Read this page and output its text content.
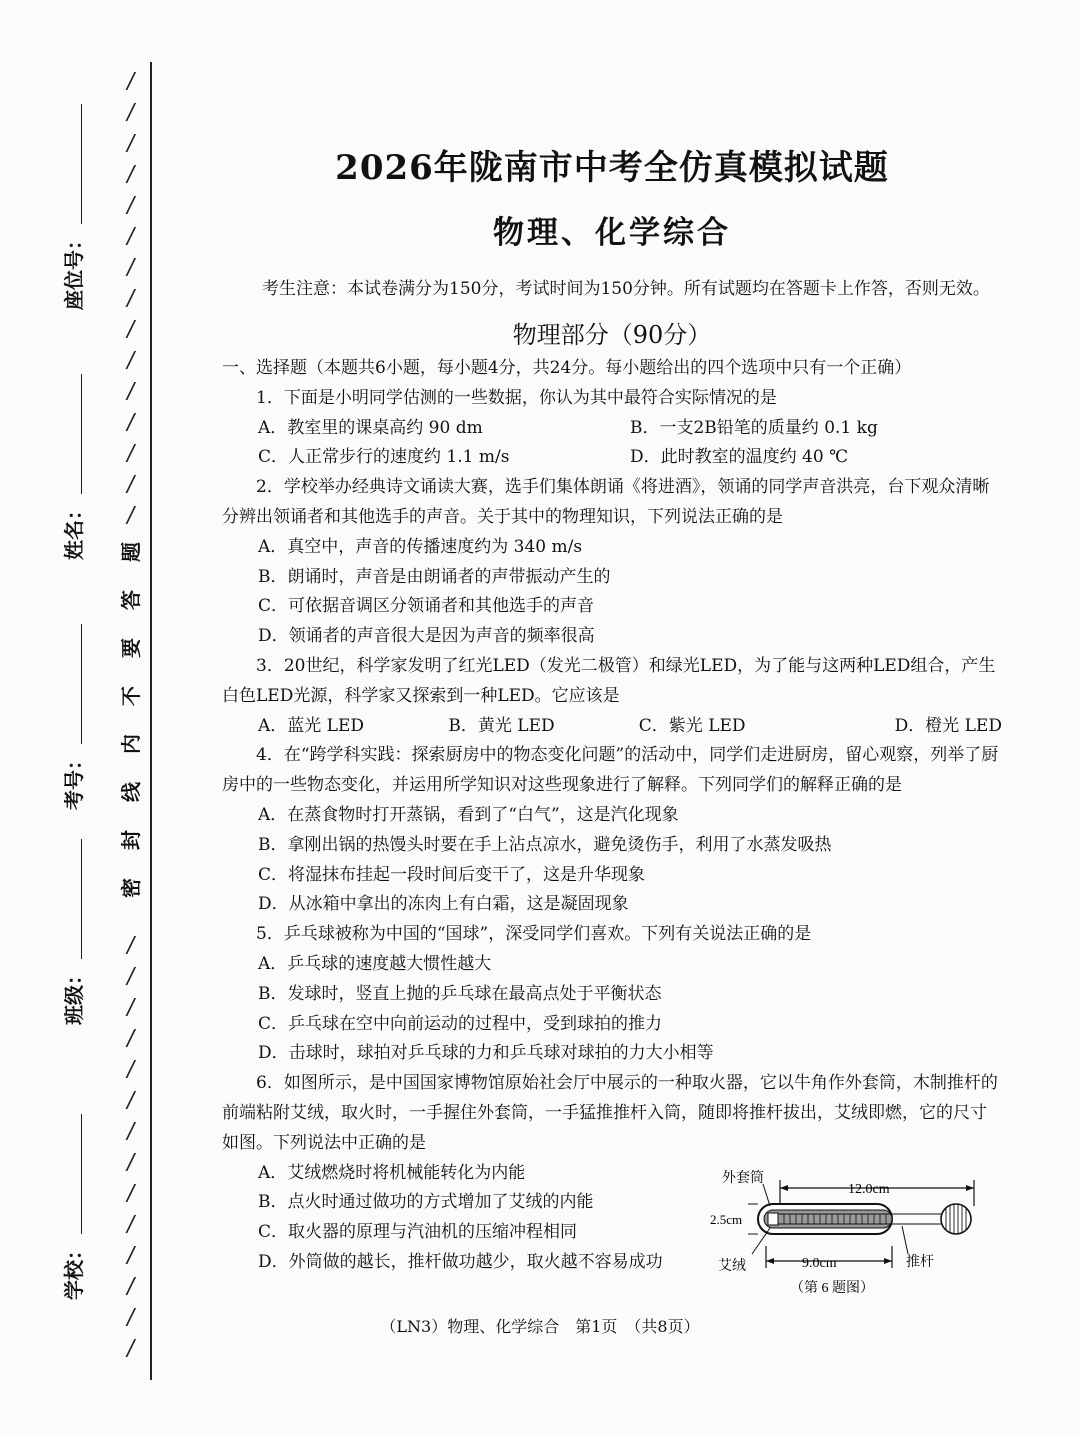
/
/
/
/
/
/
/
/
/
/
/
/
/
/
/
题
答
要
不
内
线
封
密
/
/
/
/
/
/
/
/
/
/
/
/
/
/
座位号：
姓名：
考号：
班级：
学校：
2026年陇南市中考全仿真模拟试题
物理、化学综合

考生注意：本试卷满分为150分，考试时间为150分钟。所有试题均在答题卡上作答，否则无效。

物理部分（90分）

一、选择题（本题共6小题，每小题4分，共24分。每小题给出的四个选项中只有一个正确）

1．下面是小明同学估测的一些数据，你认为其中最符合实际情况的是

A．教室里的课桌高约 90 dm	B．一支2B铅笔的质量约 0.1 kg
C．人正常步行的速度约 1.1 m/s	D．此时教室的温度约 40 ℃

2．学校举办经典诗文诵读大赛，选手们集体朗诵《将进酒》，领诵的同学声音洪亮，台下观众清晰分辨出领诵者和其他选手的声音。关于其中的物理知识，下列说法正确的是

A．真空中，声音的传播速度约为 340 m/s

B．朗诵时，声音是由朗诵者的声带振动产生的

C．可依据音调区分领诵者和其他选手的声音

D．领诵者的声音很大是因为声音的频率很高

3．20世纪，科学家发明了红光LED（发光二极管）和绿光LED，为了能与这两种LED组合，产生白色LED光源，科学家又探索到一种LED。它应该是

A．蓝光 LED	B．黄光 LED	C．紫光 LED	D．橙光 LED

4．在“跨学科实践：探索厨房中的物态变化问题”的活动中，同学们走进厨房，留心观察，列举了厨房中的一些物态变化，并运用所学知识对这些现象进行了解释。下列同学们的解释正确的是

A．在蒸食物时打开蒸锅，看到了“白气”，这是汽化现象

B．拿刚出锅的热馒头时要在手上沾点凉水，避免烫伤手，利用了水蒸发吸热

C．将湿抹布挂起一段时间后变干了，这是升华现象

D．从冰箱中拿出的冻肉上有白霜，这是凝固现象

5．乒乓球被称为中国的“国球”，深受同学们喜欢。下列有关说法正确的是

A．乒乓球的速度越大惯性越大

B．发球时，竖直上抛的乒乓球在最高点处于平衡状态

C．乒乓球在空中向前运动的过程中，受到球拍的推力

D．击球时，球拍对乒乓球的力和乒乓球对球拍的力大小相等

6．如图所示，是中国国家博物馆原始社会厅中展示的一种取火器，它以牛角作外套筒，木制推杆的前端粘附艾绒，取火时，一手握住外套筒，一手猛推推杆入筒，随即将推杆拔出，艾绒即燃，它的尺寸如图。下列说法中正确的是

A．艾绒燃烧时将机械能转化为内能

B．点火时通过做功的方式增加了艾绒的内能

C．取火器的原理与汽油机的压缩冲程相同

D．外筒做的越长，推杆做功越少，取火越不容易成功

外套筒
12.0cm
2.5cm
艾绒	9.0cm	推杆
（第 6 题图）
（LN3）物理、化学综合　第1页　（共8页）
